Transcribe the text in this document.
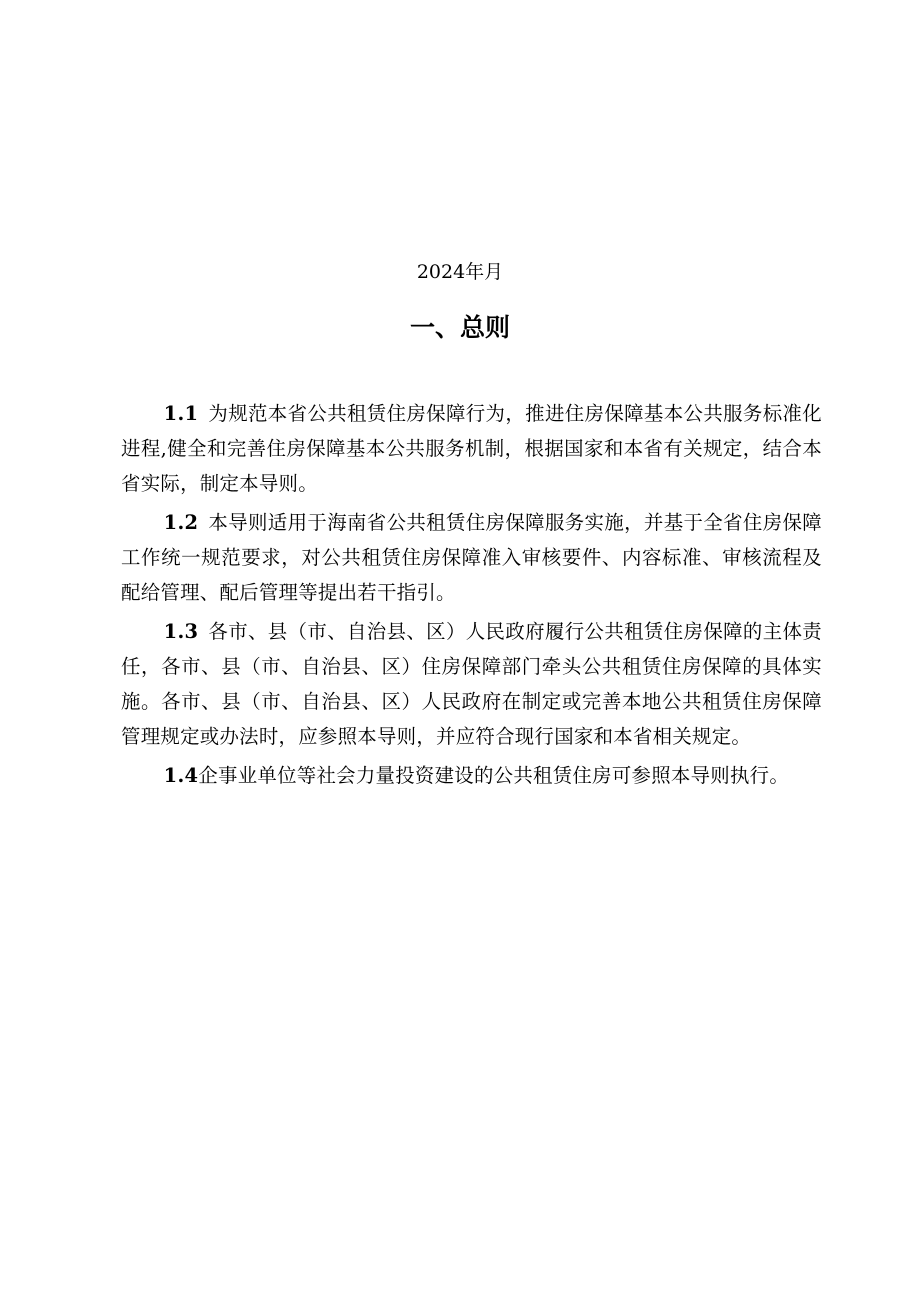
2024年月
一、总则

1.1 为规范本省公共租赁住房保障行为，推进住房保障基本公共服务标准化进程,健全和完善住房保障基本公共服务机制，根据国家和本省有关规定，结合本省实际，制定本导则。

1.2 本导则适用于海南省公共租赁住房保障服务实施，并基于全省住房保障工作统一规范要求，对公共租赁住房保障准入审核要件、内容标准、审核流程及配给管理、配后管理等提出若干指引。

1.3 各市、县（市、自治县、区）人民政府履行公共租赁住房保障的主体责任，各市、县（市、自治县、区）住房保障部门牵头公共租赁住房保障的具体实施。各市、县（市、自治县、区）人民政府在制定或完善本地公共租赁住房保障管理规定或办法时，应参照本导则，并应符合现行国家和本省相关规定。

1.4企事业单位等社会力量投资建设的公共租赁住房可参照本导则执行。
